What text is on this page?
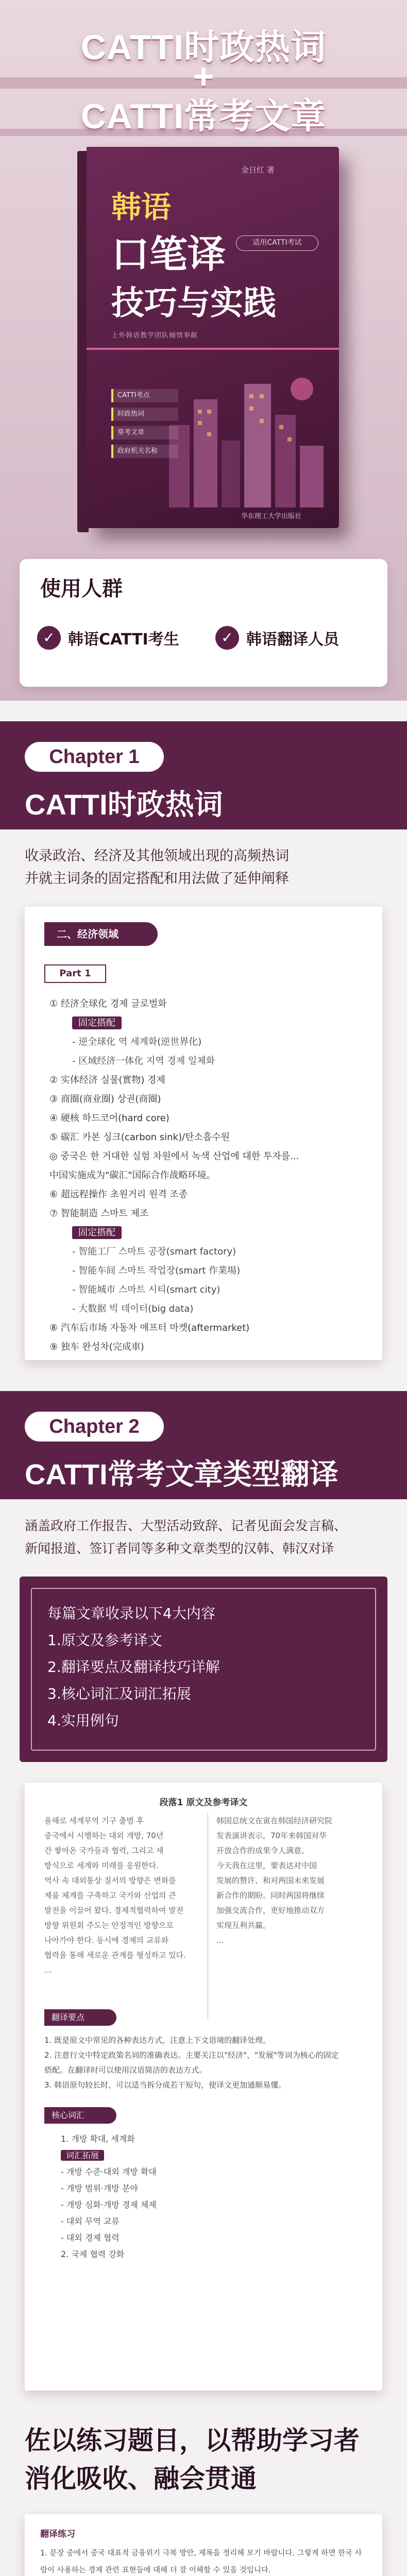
CATTI时政热词
+
CATTI常考文章
金日红 著
韩语
口笔译	适用CATTI考试
技巧与实践
上外韩语教学团队倾情奉献
CATTI考点
时政热词
常考文章
政府机关名称
华东理工大学出版社
使用人群
✓ 韩语CATTI考生	✓ 韩语翻译人员
Chapter 1
CATTI时政热词
收录政治、经济及其他领域出现的高频热词
并就主词条的固定搭配和用法做了延伸阐释
二、经济领域
Part 1
① 经济全球化 경제 글로벌화
固定搭配
- 逆全球化 역 세계화(逆世界化)
- 区域经济一体化 지역 경제 일체화
② 实体经济 실물(實物) 경제
③ 商圈(商业圈) 상권(商圈)
④ 硬核 하드코어(hard core)
⑤ 碳汇 카본 싱크(carbon sink)/탄소흡수원
◎ 중국은 한 거대한 실험 차원에서 녹색 산업에 대한 투자를...
中国实施成为"碳汇"国际合作战略环境。
⑥ 超远程操作 초원거리 원격 조종
⑦ 智能制造 스마트 제조
固定搭配
- 智能工厂 스마트 공장(smart factory)
- 智能车间 스마트 작업장(smart 作業場)
- 智能城市 스마트 시티(smart city)
- 大数据 빅 데이터(big data)
⑧ 汽车后市场 자동차 애프터 마켓(aftermarket)
⑨ 独车 완성차(完成車)
Chapter 2
CATTI常考文章类型翻译
涵盖政府工作报告、大型活动致辞、记者见面会发言稿、
新闻报道、签订者同等多种文章类型的汉韩、韩汉对译
每篇文章收录以下4大内容
1.原文及参考译文
2.翻译要点及翻译技巧详解
3.核心词汇及词汇拓展
4.实用例句
段落1 原文及参考译文
올해로 세계무역 기구 출범 후
중국에서 시행하는 대외 개방, 70년
간 쌓아온 국가들과 협력, 그리고 새
방식으로 세계와 미래를 응원한다.
역사 속 대외통상 질서의 방향은 변화를
제품 체계를 구축하고 국가와 산업의 큰
발전을 이끌어 왔다. 경제적협력하여 발전
방향 위원회 주도는 안정적인 방향으로
나아가야 한다. 동시에 경제의 교류와
협력을 통해 새로운 관계를 형성하고 있다.
...
韩国总统文在寅在韩国经济研究院
发表演讲表示，70年来韩国对华
开放合作的成果令人满意。
今天我在这里，要表达对中国
发展的赞许、和对两国未来发展
新合作的期盼。同时两国将继续
加强交流合作，更好地推动双方
实现互利共赢。
...
翻译要点
1. 既是原文中常见的各种表达方式，注意上下文语境的翻译处理。
2. 注意行文中特定政策名词的准确表达。主要关注以"经济"、"发展"等词为核心的固定
搭配。在翻译时可以使用汉语简洁的表达方式。
3. 韩语原句较长时，可以适当拆分成若干短句，使译文更加通顺易懂。
核心词汇
1. 개방 확대, 세계화
词汇拓展
- 개방 수준·대외 개방 확대
- 개방 범위·개방 분야
- 개방 심화·개방 경제 체제
- 대외 무역 교류
- 대외 경제 협력
2. 국제 협력 강화
佐以练习题目，以帮助学习者
消化吸收、融会贯通
翻译练习
1. 문장 중에서 중국 대표적 금융위기 극복 방안, 제목을 정리해 보기 바랍니다. 그렇게 하면 한국 사
람이 사용하는 경제 관련 표현들에 대해 더 잘 이해할 수 있을 것입니다.
